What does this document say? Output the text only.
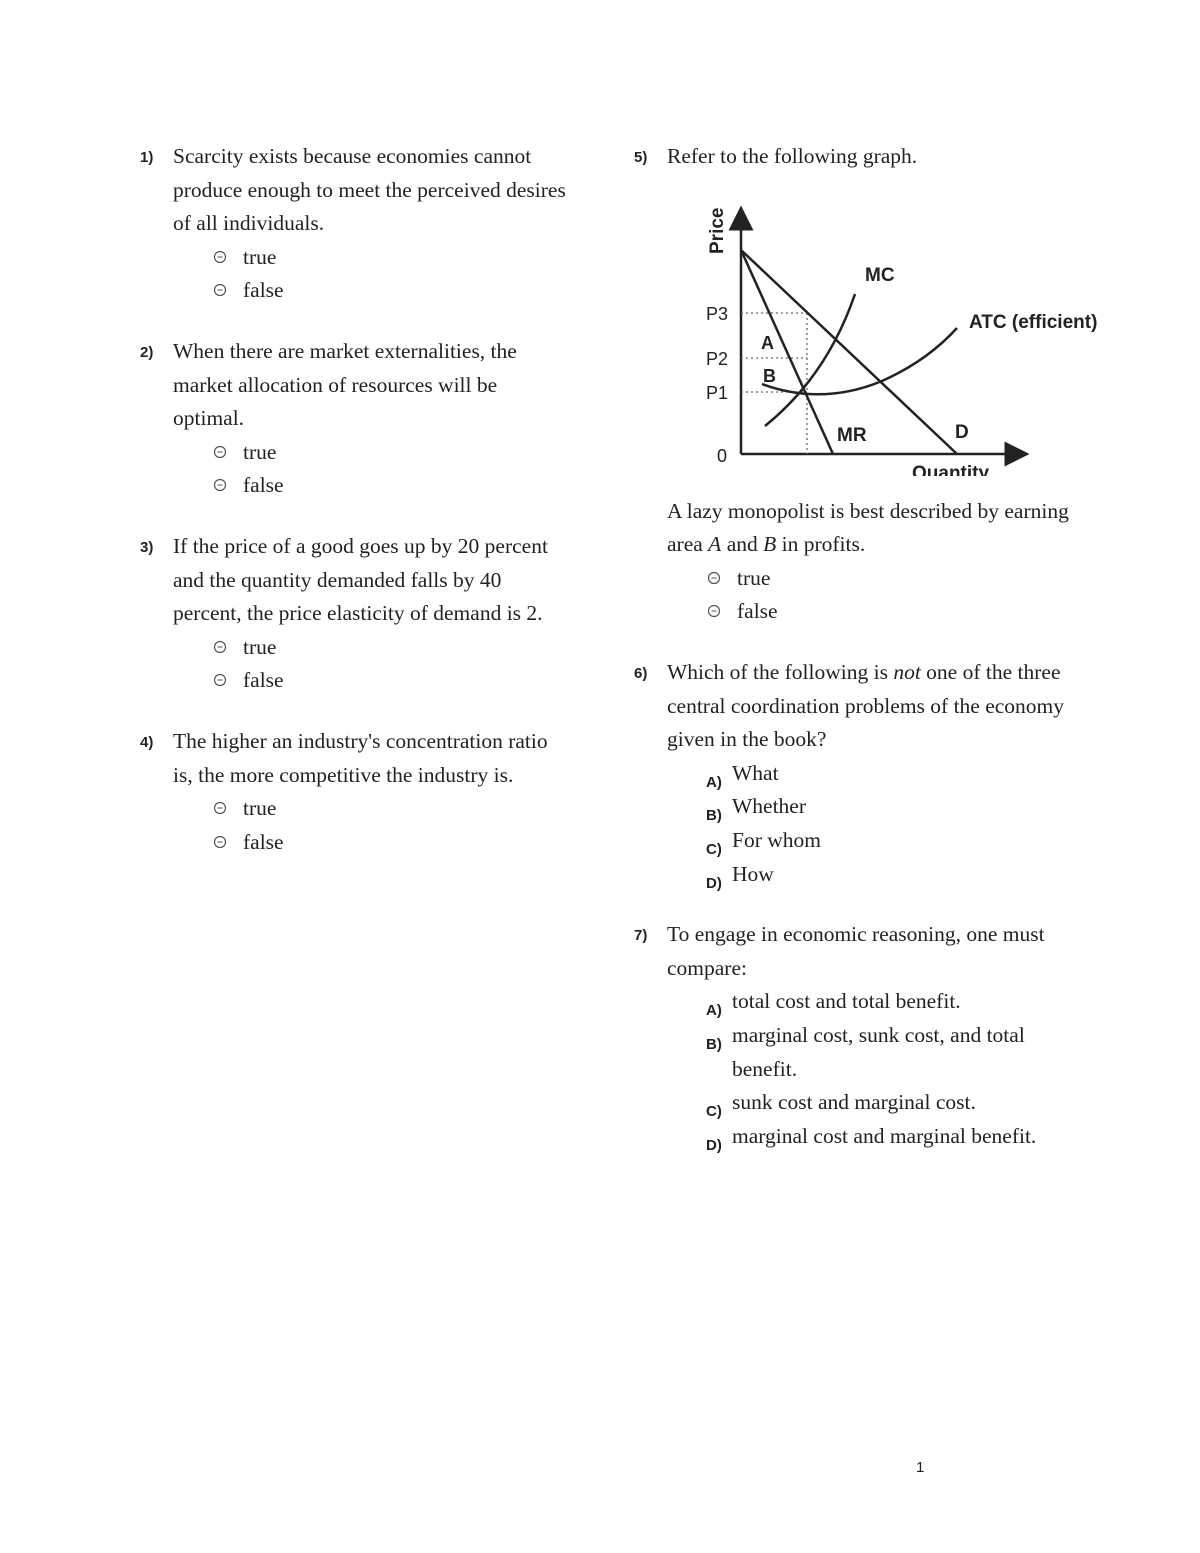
1) Scarcity exists because economies cannot produce enough to meet the perceived desires of all individuals.
true
false
2) When there are market externalities, the market allocation of resources will be optimal.
true
false
3) If the price of a good goes up by 20 percent and the quantity demanded falls by 40 percent, the price elasticity of demand is 2.
true
false
4) The higher an industry's concentration ratio is, the more competitive the industry is.
true
false
5) Refer to the following graph.
Price
Quantity
0
P3
P2
P1
MC
ATC (efficient)
MR	D
A
B
A lazy monopolist is best described by earning area A and B in profits.
true
false
6) Which of the following is not one of the three central coordination problems of the economy given in the book?
A) What
B) Whether
C) For whom
D) How
7) To engage in economic reasoning, one must compare:
A) total cost and total benefit.
B) marginal cost, sunk cost, and total benefit.
C) sunk cost and marginal cost.
D) marginal cost and marginal benefit.
1
